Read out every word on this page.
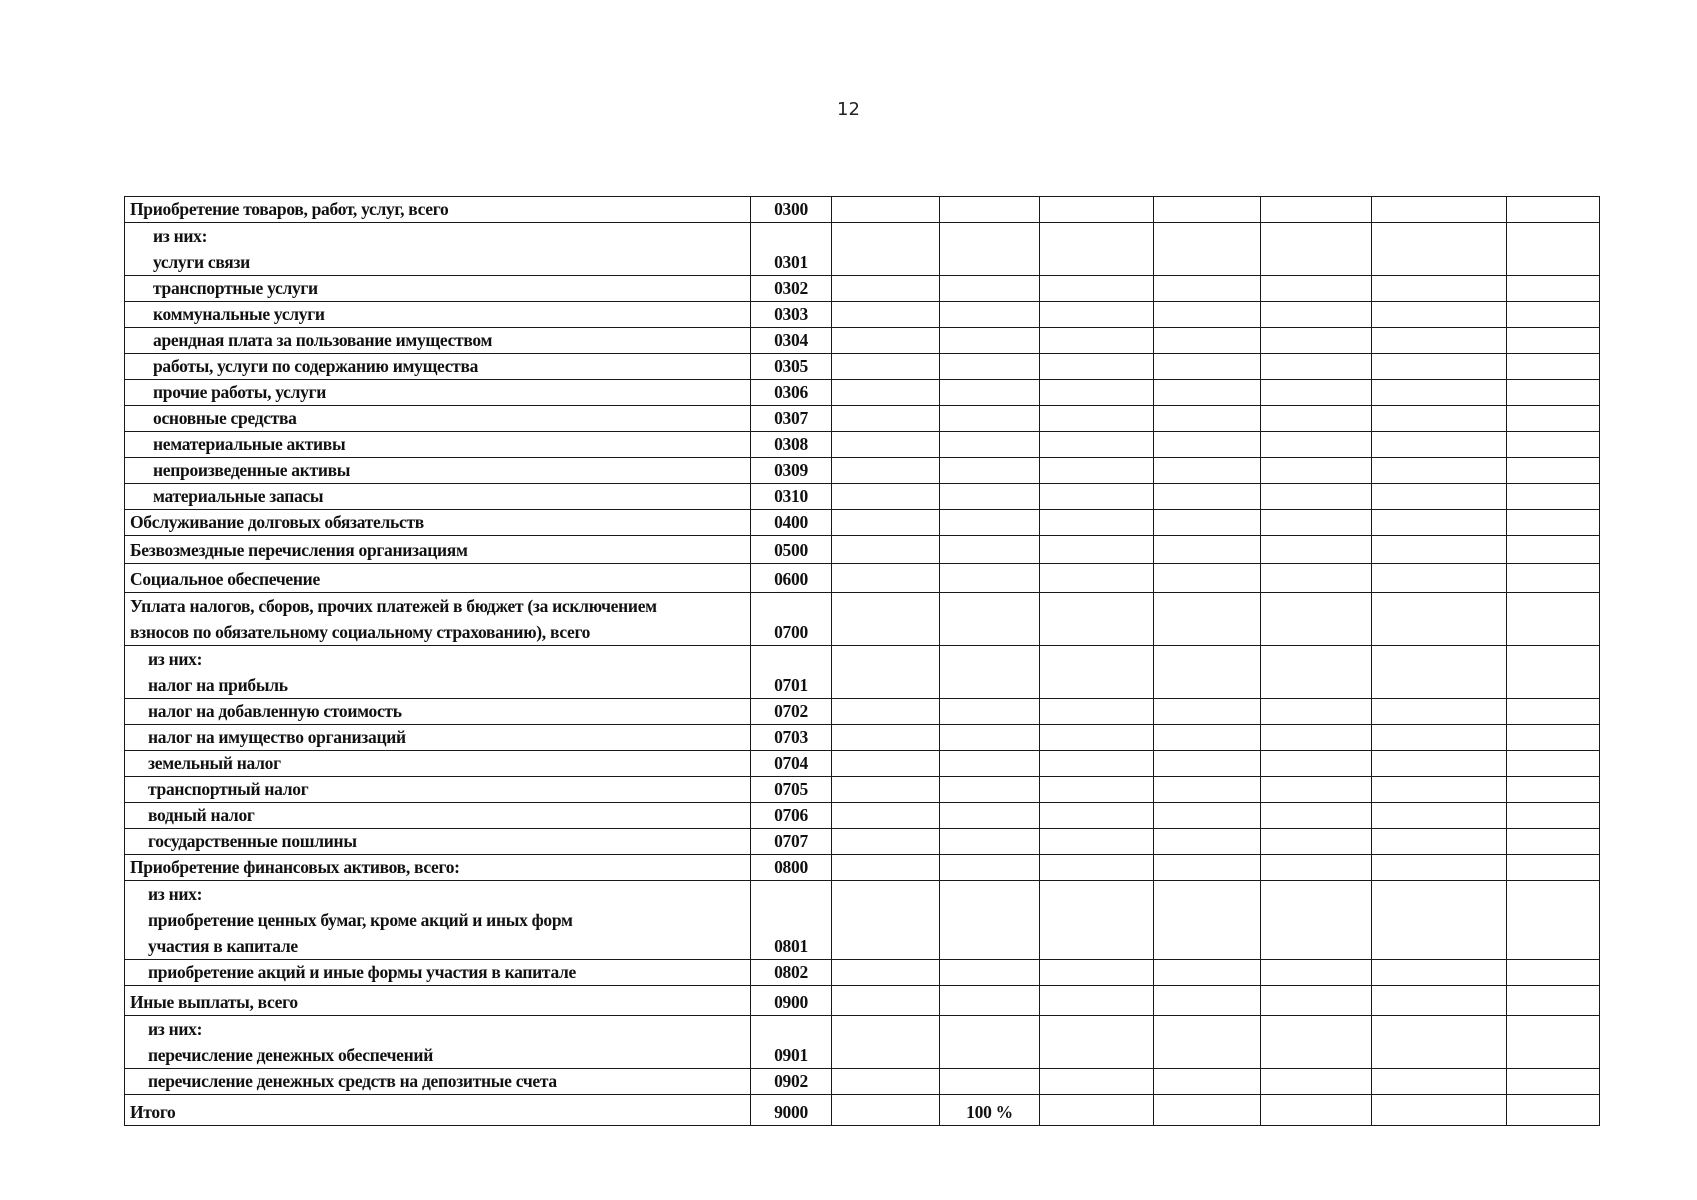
12
Приобретение товаров, работ, услуг, всего	0300							

из них:
услуги связи	0301							
транспортные услуги	0302							
коммунальные услуги	0303							
арендная плата за пользование имуществом	0304							
работы, услуги по содержанию имущества	0305							
прочие работы, услуги	0306							
основные средства	0307							
нематериальные активы	0308							
непроизведенные активы	0309							
материальные запасы	0310							
Обслуживание долговых обязательств	0400							
Безвозмездные перечисления организациям	0500							
Социальное обеспечение	0600							

Уплата налогов, сборов, прочих платежей в бюджет (за исключением
взносов по обязательному социальному страхованию), всего	0700							

из них:
налог на прибыль	0701							
налог на добавленную стоимость	0702							
налог на имущество организаций	0703							
земельный налог	0704							
транспортный налог	0705							
водный налог	0706							
государственные пошлины	0707							
Приобретение финансовых активов, всего:	0800							

из них:
приобретение ценных бумаг, кроме акций и иных форм
участия в капитале	0801							
приобретение акций и иные формы участия в капитале	0802							
Иные выплаты, всего	0900							

из них:
перечисление денежных обеспечений	0901							
перечисление денежных средств на депозитные счета	0902							
Итого	9000		100 %					
